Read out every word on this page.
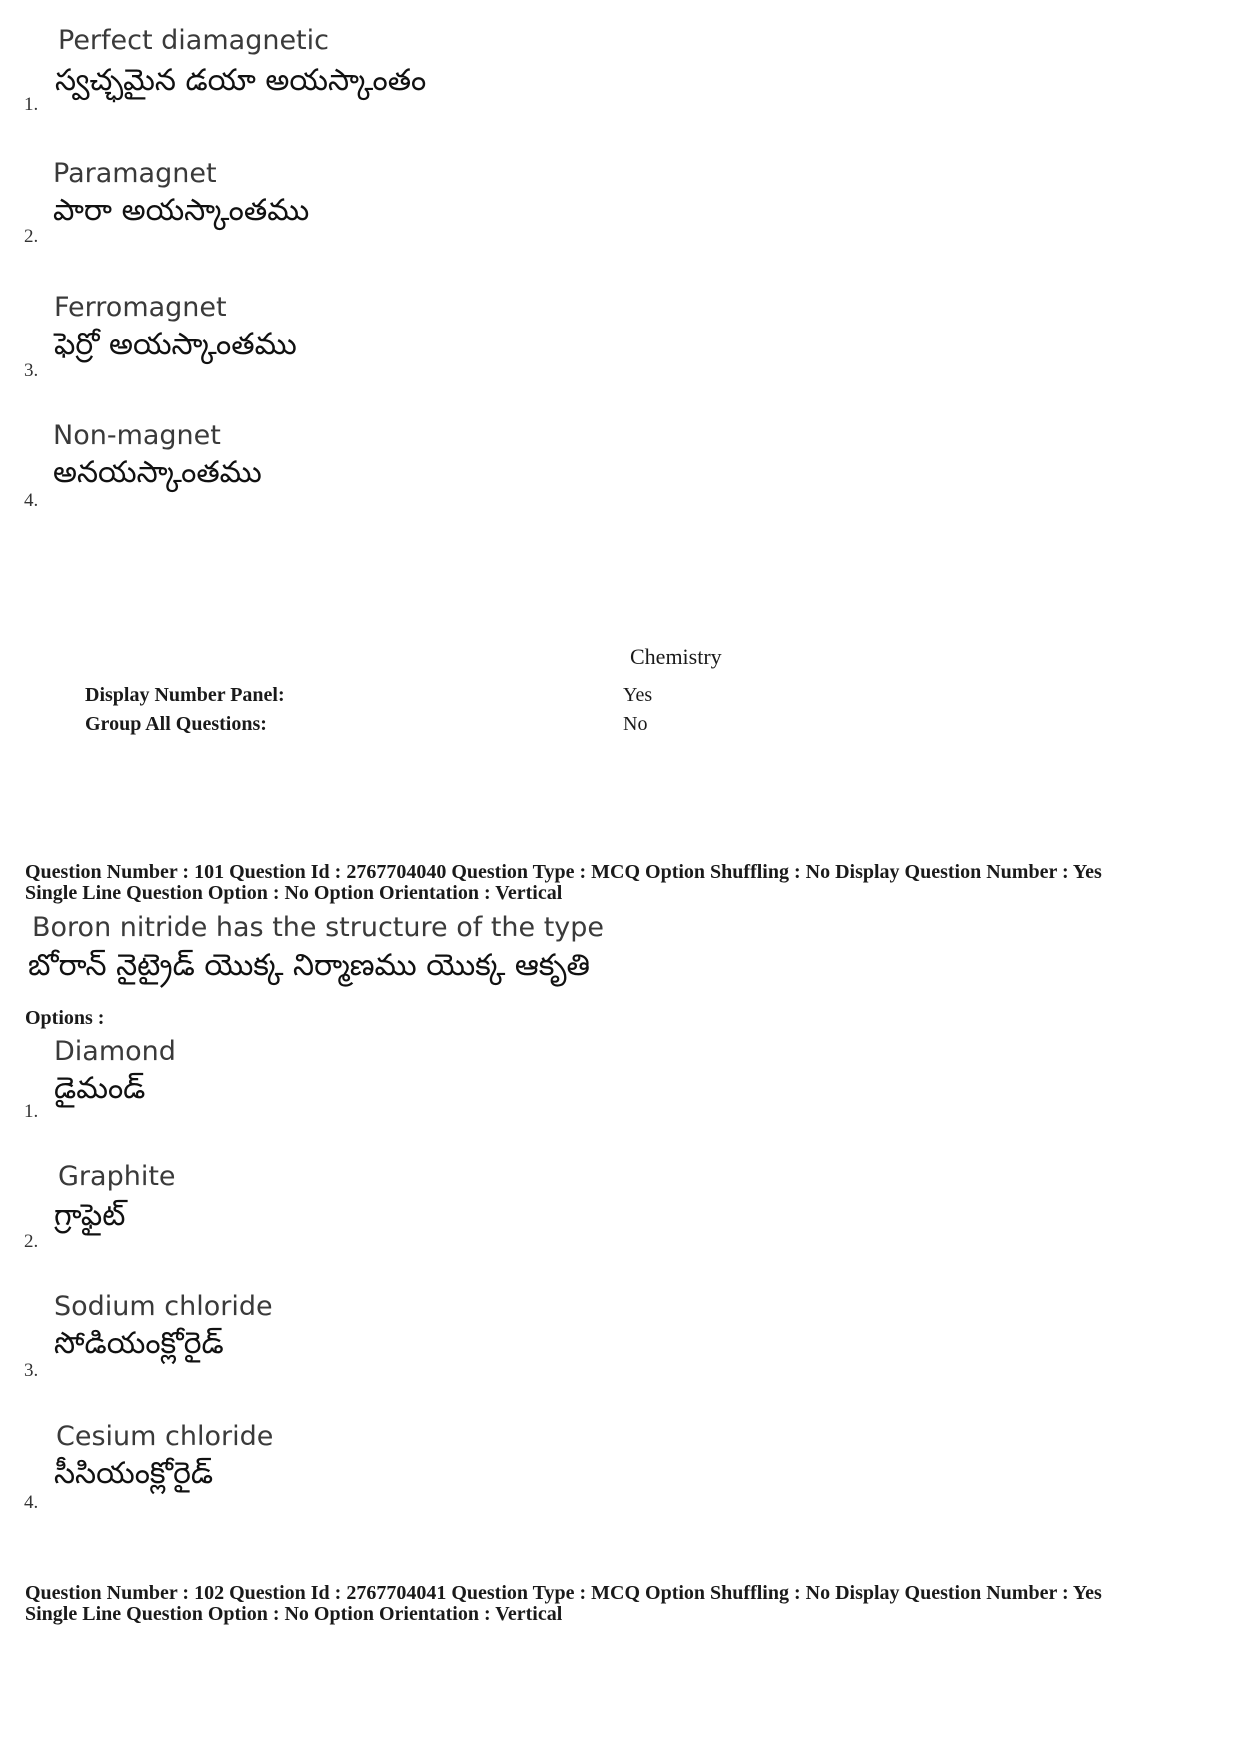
Perfect diamagnetic
స్వచ్ఛమైన డయా అయస్కాంతం
1.
Paramagnet
పారా అయస్కాంతము
2.
Ferromagnet
ఫెర్రో అయస్కాంతము
3.
Non-magnet
అనయస్కాంతము
4.
Chemistry
Display Number Panel:	Yes
Group All Questions:	No
Question Number : 101 Question Id : 2767704040 Question Type : MCQ Option Shuffling : No Display Question Number : Yes
Single Line Question Option : No Option Orientation : Vertical
Boron nitride has the structure of the type
బోరాన్ నైట్రైడ్ యొక్క నిర్మాణము యొక్క ఆకృతి
Options :
Diamond
డైమండ్
1.
Graphite
గ్రాఫైట్
2.
Sodium chloride
సోడియంక్లోరైడ్
3.
Cesium chloride
సీసియంక్లోరైడ్
4.
Question Number : 102 Question Id : 2767704041 Question Type : MCQ Option Shuffling : No Display Question Number : Yes
Single Line Question Option : No Option Orientation : Vertical
